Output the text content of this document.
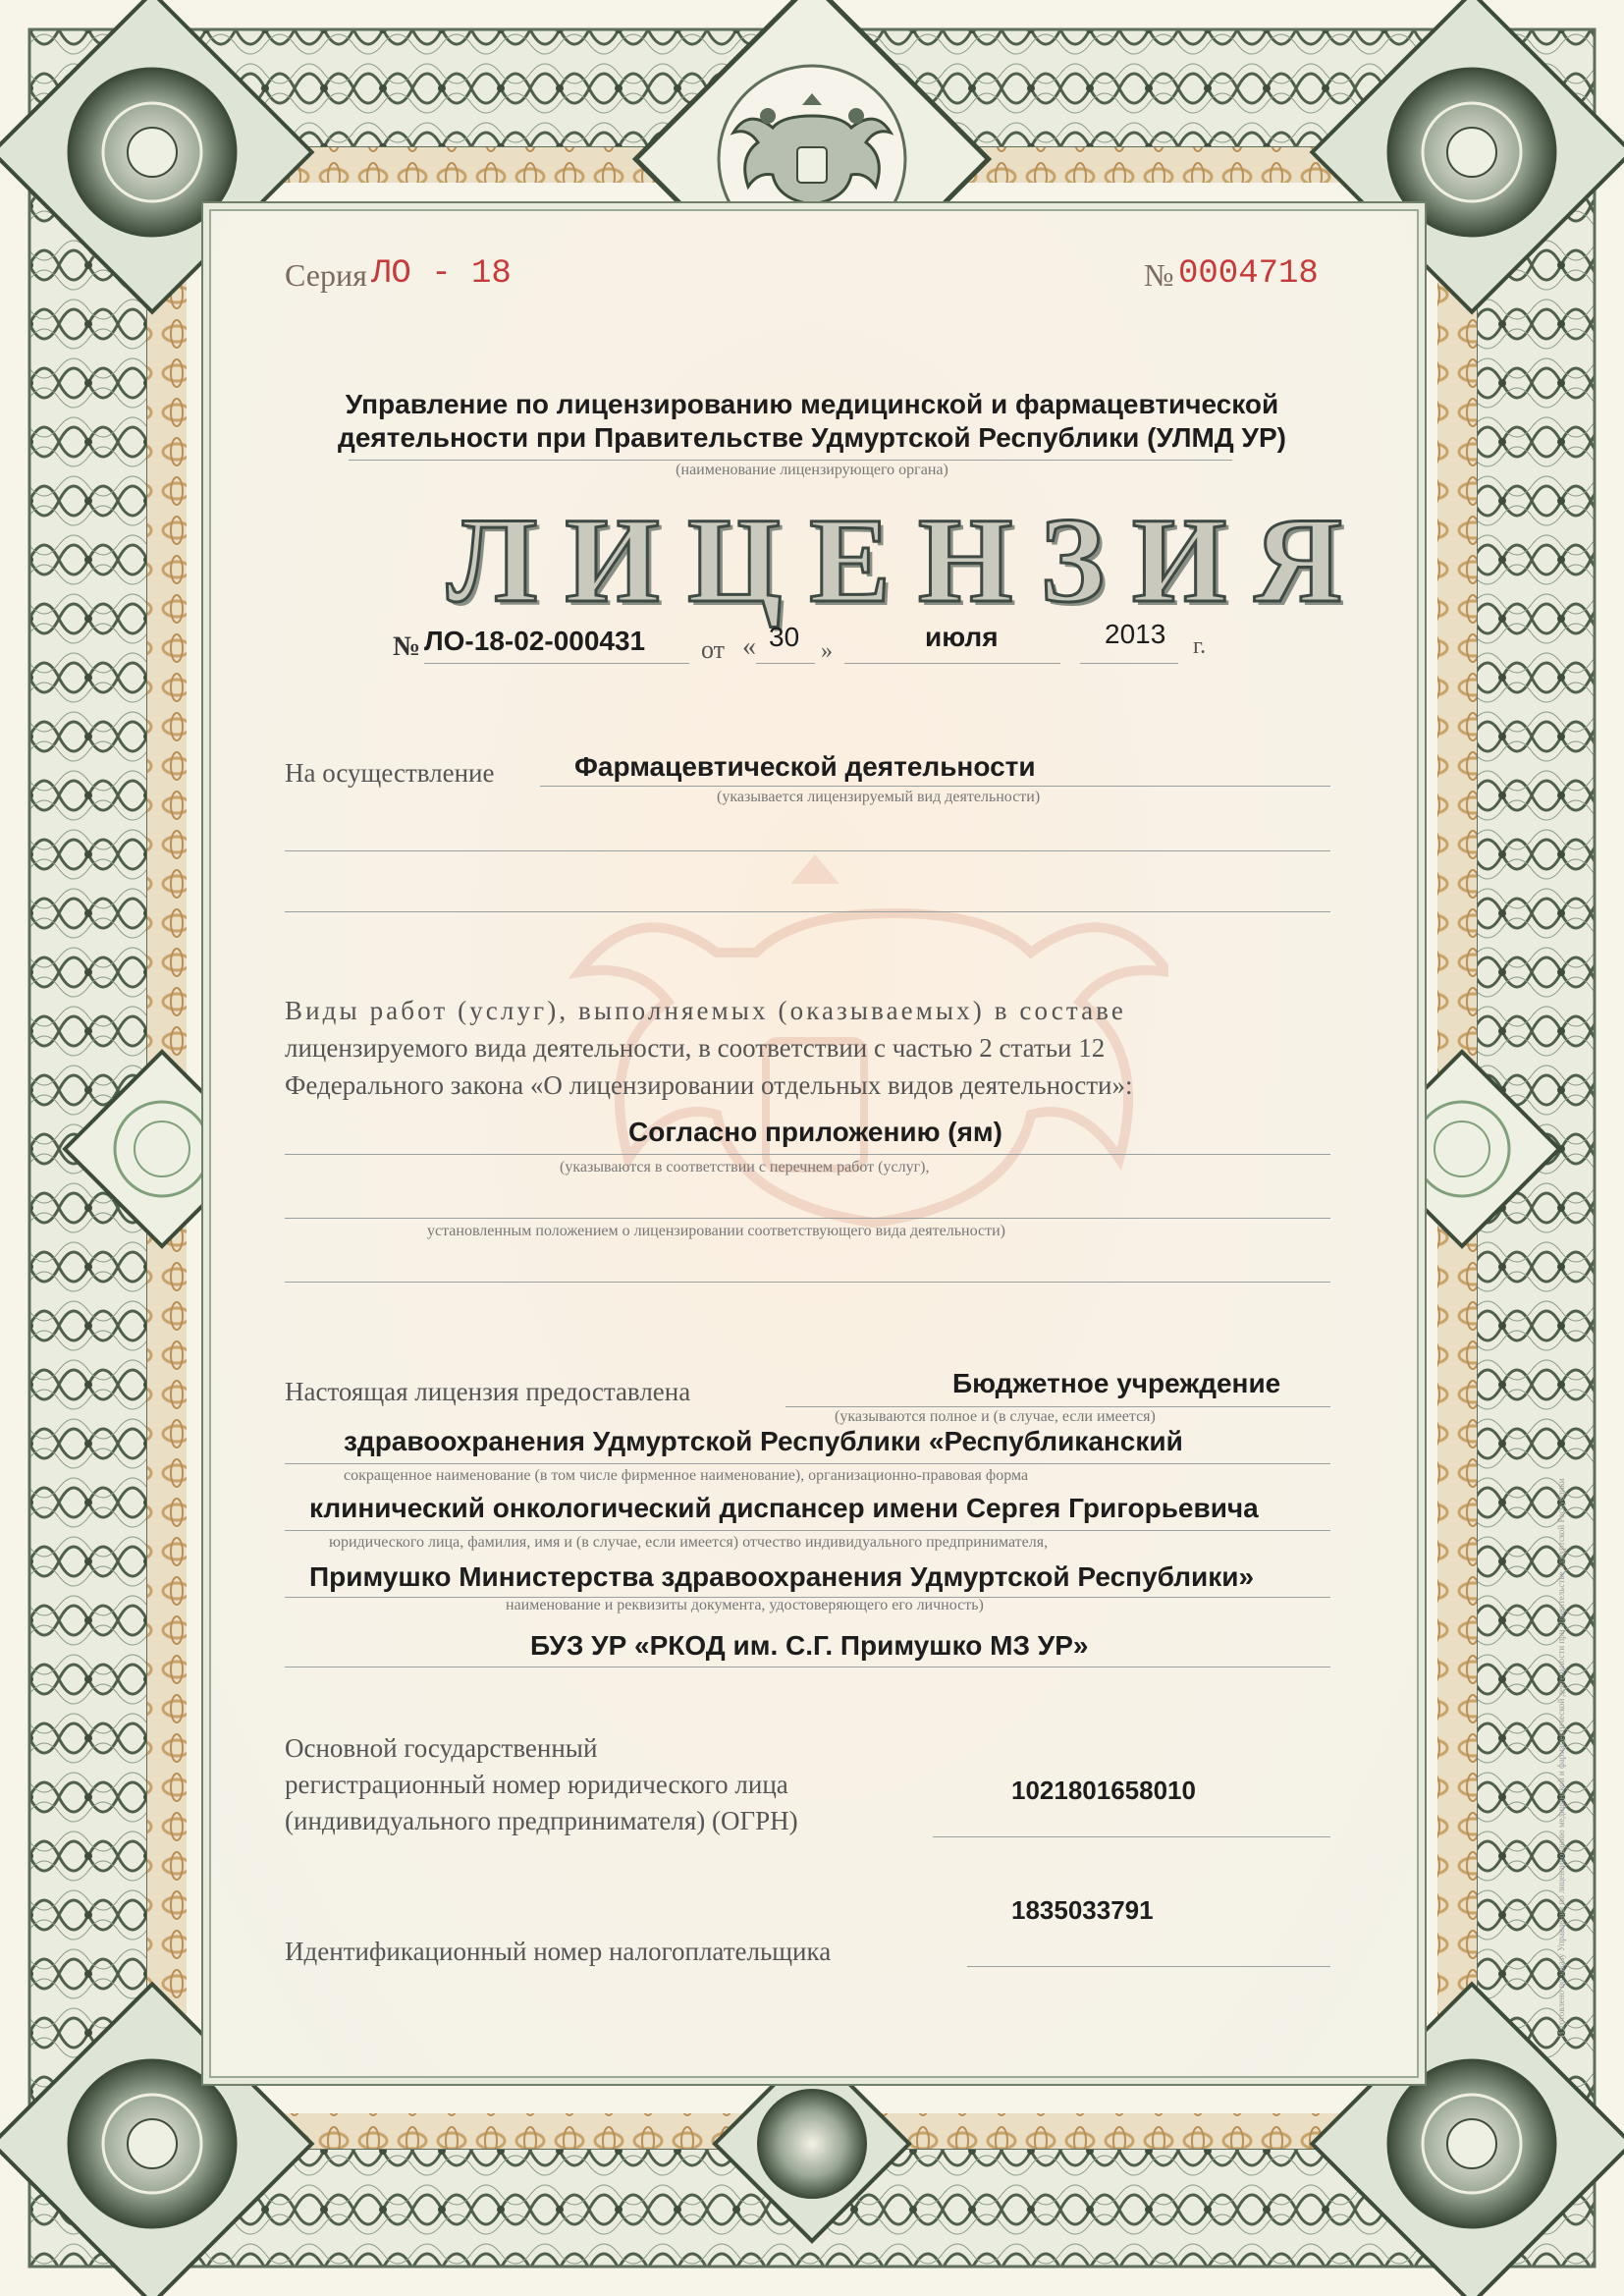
Серия ЛО - 18	№ 0004718
Управление по лицензированию медицинской и фармацевтической
деятельности при Правительстве Удмуртской Республики (УЛМД УР)
(наименование лицензирующего органа)
ЛИЦЕНЗИЯ
№ ЛО-18-02-000431 от « 30 »	июля	2013 г.
На осуществление	Фармацевтической деятельности
(указывается лицензируемый вид деятельности)
Виды работ (услуг), выполняемых (оказываемых) в составе
лицензируемого вида деятельности, в соответствии с частью 2 статьи 12
Федерального закона «О лицензировании отдельных видов деятельности»:
Согласно приложению (ям)
(указываются в соответствии с перечнем работ (услуг),
установленным положением о лицензировании соответствующего вида деятельности)
Настоящая лицензия предоставлена	Бюджетное учреждение
(указываются полное и (в случае, если имеется)
здравоохранения Удмуртской Республики «Республиканский
сокращенное наименование (в том числе фирменное наименование), организационно-правовая форма
клинический онкологический диспансер имени Сергея Григорьевича
юридического лица, фамилия, имя и (в случае, если имеется) отчество индивидуального предпринимателя,
Примушко Министерства здравоохранения Удмуртской Республики»
наименование и реквизиты документа, удостоверяющего его личность)
БУЗ УР «РКОД им. С.Г. Примушко МЗ УР»
Основной государственный
регистрационный номер юридического лица
(индивидуального предпринимателя) (ОГРН)
1021801658010
1835033791
Идентификационный номер налогоплательщика	Изготовлено по заказу Управления по лицензированию медицинской и фармацевтической деятельности при Правительстве Удмуртской Республики
